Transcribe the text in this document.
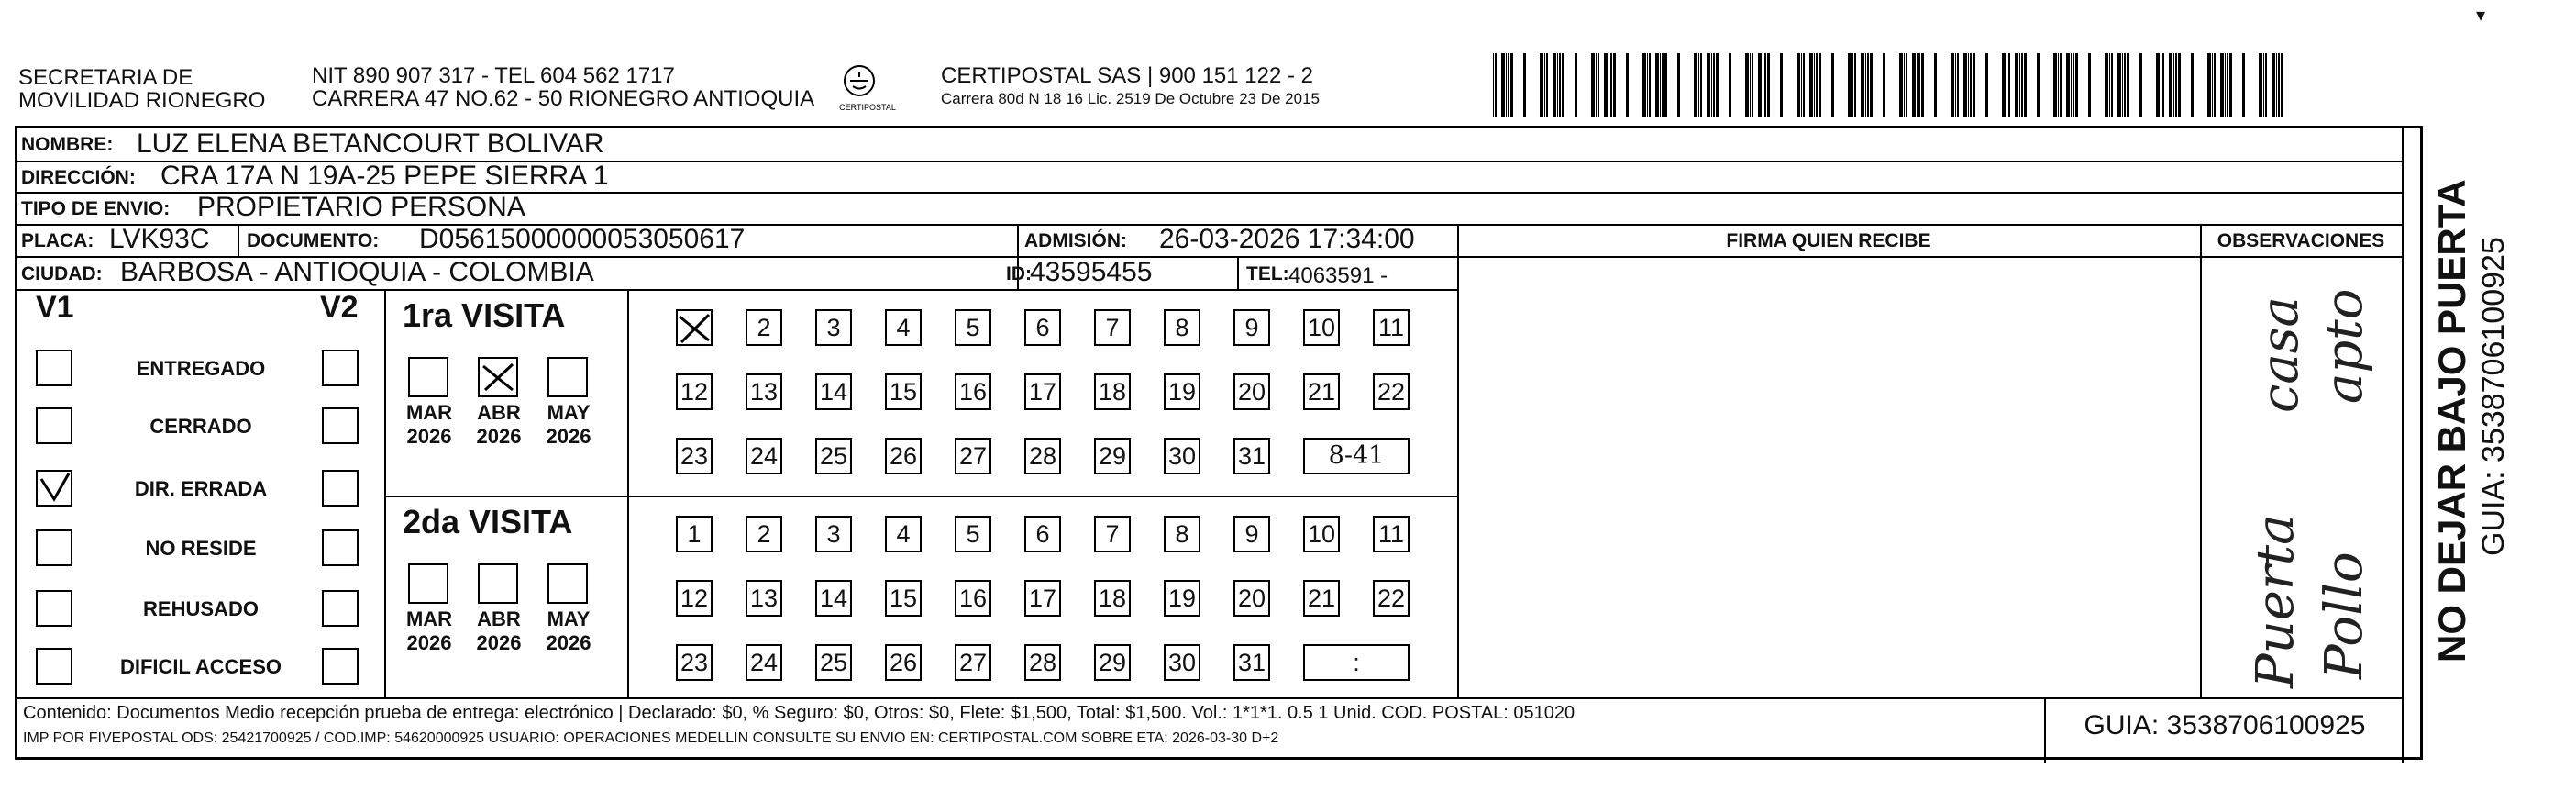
SECRETARIA DE
MOVILIDAD RIONEGRO
NIT 890 907 317 - TEL 604 562 1717
CARRERA 47 NO.62 - 50 RIONEGRO ANTIOQUIA	CERTIPOSTAL
CERTIPOSTAL SAS | 900 151 122 - 2
Carrera 80d N 18 16 Lic. 2519 De Octubre 23 De 2015
▾
NOMBRE: LUZ ELENA BETANCOURT BOLIVAR
DIRECCIÓN: CRA 17A N 19A-25 PEPE SIERRA 1
TIPO DE ENVIO: PROPIETARIO PERSONA
PLACA: LVK93C DOCUMENTO: D05615000000053050617	ADMISIÓN: 26-03-2026 17:34:00
CIUDAD: BARBOSA - ANTIOQUIA - COLOMBIA	ID:
43595455	TEL: 4063591 -
FIRMA QUIEN RECIBE	OBSERVACIONES
V1	V2
ENTREGADO
CERRADO
DIR. ERRADA
NO RESIDE
REHUSADO
DIFICIL ACCESO
1ra VISITA
MAR
2026
ABR
2026
MAY
2026
2	3	4	5	6	7	8	9	10 11
12 13 14 15 16 17 18 19 20 21 22
23 24 25 26 27 28 29 30 31	8-41
2da VISITA
MAR
2026
ABR
2026
MAY
2026
1	2	3	4	5	6	7	8	9	10 11
12 13 14 15 16 17 18 19 20 21 22
23 24 25 26 27 28 29 30 31	:
casa apto
Puerta Pollo
Contenido: Documentos Medio recepción prueba de entrega: electrónico | Declarado: $0, % Seguro: $0, Otros: $0, Flete: $1,500, Total: $1,500. Vol.: 1*1*1. 0.5 1 Unid. COD. POSTAL: 051020
IMP POR FIVEPOSTAL ODS: 25421700925 / COD.IMP: 54620000925 USUARIO: OPERACIONES MEDELLIN CONSULTE SU ENVIO EN: CERTIPOSTAL.COM SOBRE ETA: 2026-03-30 D+2	GUIA: 3538706100925
NO DEJAR BAJO PUERTA GUIA: 3538706100925
